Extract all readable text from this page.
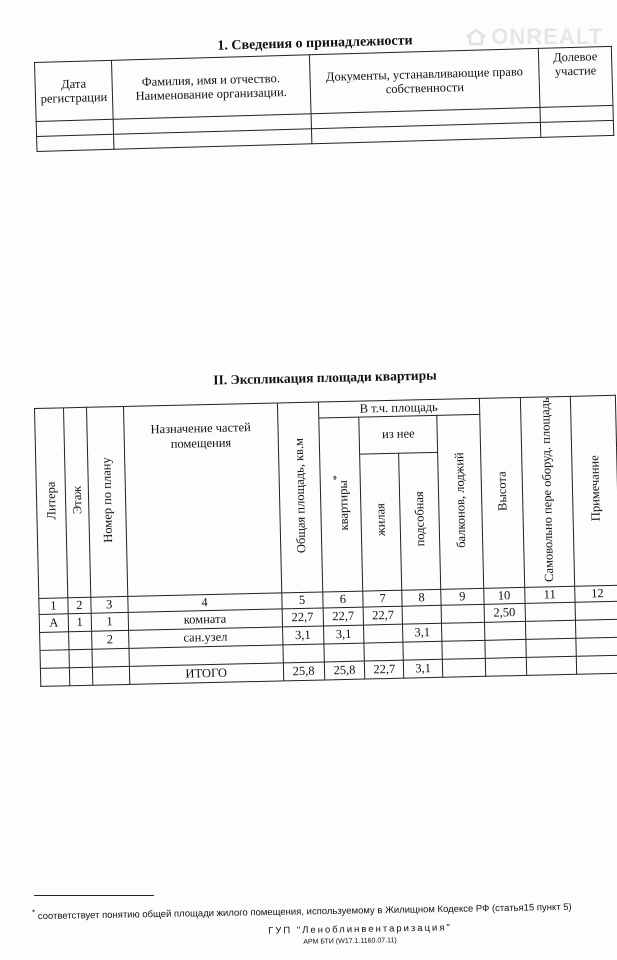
ONREALT
1. Сведения о принадлежности
Дата регистрации	Фамилия, имя и отчество. Наименование организации.	Документы, устанавливающие право собственности	Долевое участие

II. Экспликация площади квартиры
Литера	Этаж	Номер по плану	Назначение частей помещения	Общая площадь, кв.м	В т.ч. площадь				Высота	Самовольно пере оборуд. площадь	Примечание
					квартиры*	из нее		балконов, лоджий			
						жилая	подсобная				
1	2	3	4	5	6	7	8	9	10	11	12
А	1	1	комната	22,7	22,7	22,7			2,50		
		2	сан.узел	3,1	3,1		3,1				

			ИТОГО	25,8	25,8	22,7	3,1				
* соответствует понятию общей площади жилого помещения, используемому в Жилищном Кодексе РФ (статья15 пункт 5)
ГУП "Леноблинвентаризация"
АРМ БТИ (W17.1.1160.07.11)
